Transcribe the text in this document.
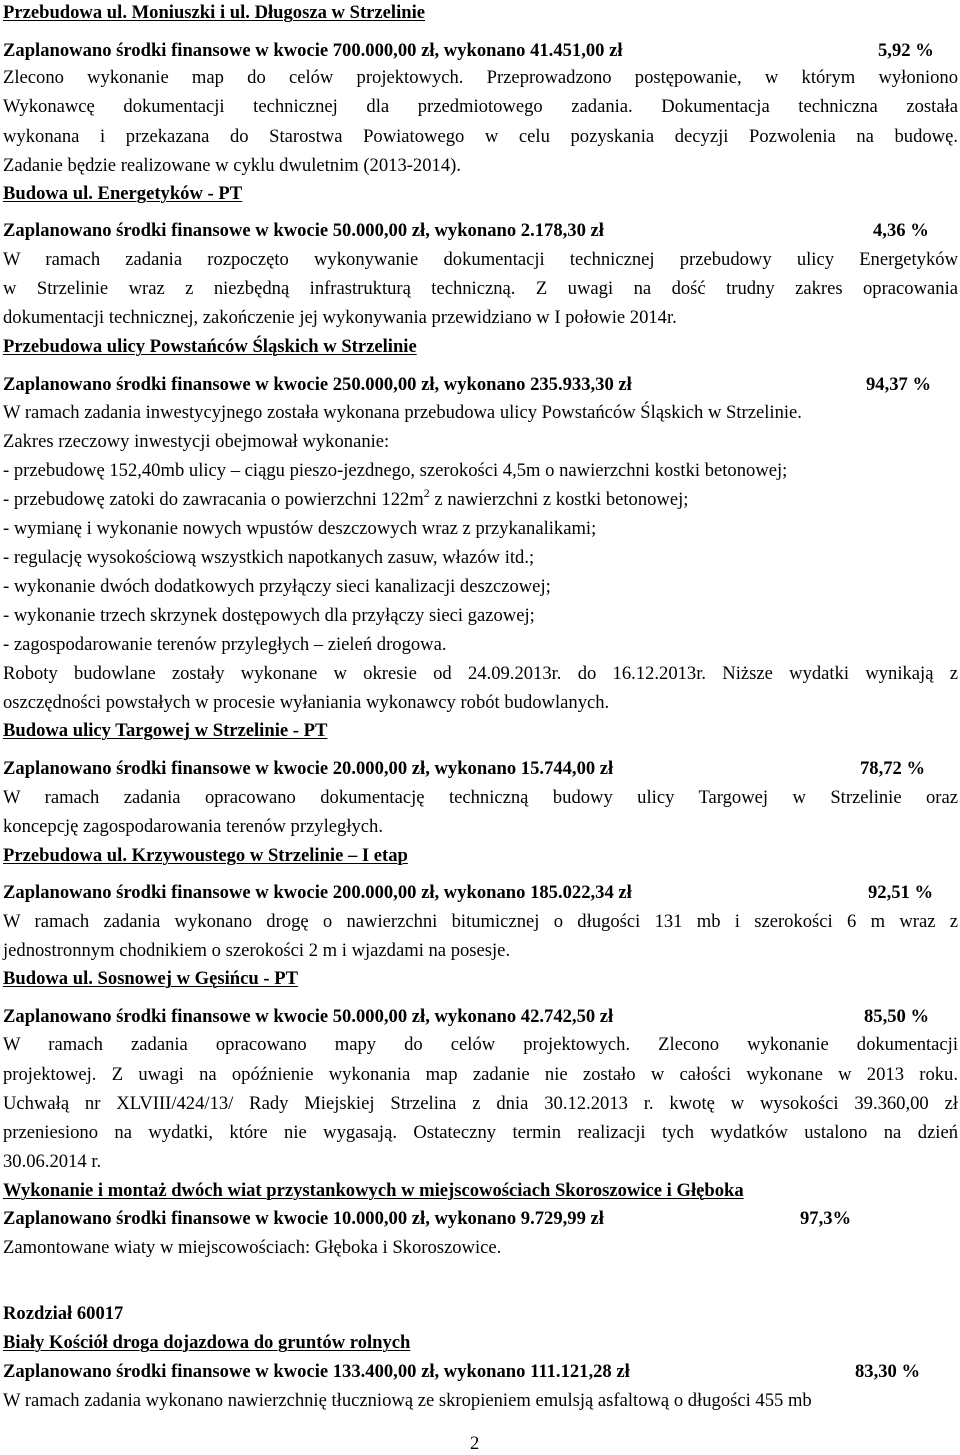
Przebudowa ul. Moniuszki i ul. Długosza w Strzelinie
Zaplanowano środki finansowe w kwocie 700.000,00 zł, wykonano 41.451,00 zł	5,92 %
Zlecono wykonanie map do celów projektowych. Przeprowadzono postępowanie, w którym wyłoniono
Wykonawcę dokumentacji technicznej dla przedmiotowego zadania. Dokumentacja techniczna została
wykonana i przekazana do Starostwa Powiatowego w celu pozyskania decyzji Pozwolenia na budowę.
Zadanie będzie realizowane w cyklu dwuletnim (2013-2014).
Budowa ul. Energetyków - PT
Zaplanowano środki finansowe w kwocie 50.000,00 zł, wykonano 2.178,30 zł	4,36 %
W ramach zadania rozpoczęto wykonywanie dokumentacji technicznej przebudowy ulicy Energetyków
w Strzelinie wraz z niezbędną infrastrukturą techniczną. Z uwagi na dość trudny zakres opracowania
dokumentacji technicznej, zakończenie jej wykonywania przewidziano w I połowie 2014r.
Przebudowa ulicy Powstańców Śląskich w Strzelinie
Zaplanowano środki finansowe w kwocie 250.000,00 zł, wykonano 235.933,30 zł	94,37 %
W ramach zadania inwestycyjnego została wykonana przebudowa ulicy Powstańców Śląskich w Strzelinie.
Zakres rzeczowy inwestycji obejmował wykonanie:
- przebudowę 152,40mb ulicy – ciągu pieszo-jezdnego, szerokości 4,5m o nawierzchni kostki betonowej;
- przebudowę zatoki do zawracania o powierzchni $122m^2$ z nawierzchni z kostki betonowej;
- wymianę i wykonanie nowych wpustów deszczowych wraz z przykanalikami;
- regulację wysokościową wszystkich napotkanych zasuw, włazów itd.;
- wykonanie dwóch dodatkowych przyłączy sieci kanalizacji deszczowej;
- wykonanie trzech skrzynek dostępowych dla przyłączy sieci gazowej;
- zagospodarowanie terenów przyległych – zieleń drogowa.
Roboty budowlane zostały wykonane w okresie od 24.09.2013r. do 16.12.2013r. Niższe wydatki wynikają z
oszczędności powstałych w procesie wyłaniania wykonawcy robót budowlanych.
Budowa ulicy Targowej w Strzelinie - PT
Zaplanowano środki finansowe w kwocie 20.000,00 zł, wykonano 15.744,00 zł	78,72 %
W ramach zadania opracowano dokumentację techniczną budowy ulicy Targowej w Strzelinie oraz
koncepcję zagospodarowania terenów przyległych.
Przebudowa ul. Krzywoustego w Strzelinie – I etap
Zaplanowano środki finansowe w kwocie 200.000,00 zł, wykonano 185.022,34 zł	92,51 %
W ramach zadania wykonano drogę o nawierzchni bitumicznej o długości 131 mb i szerokości 6 m wraz z
jednostronnym chodnikiem o szerokości 2 m i wjazdami na posesje.
Budowa ul. Sosnowej w Gęsińcu - PT
Zaplanowano środki finansowe w kwocie 50.000,00 zł, wykonano 42.742,50 zł	85,50 %
W ramach zadania opracowano mapy do celów projektowych. Zlecono wykonanie dokumentacji
projektowej. Z uwagi na opóźnienie wykonania map zadanie nie zostało w całości wykonane w 2013 roku.
Uchwałą nr XLVIII/424/13/ Rady Miejskiej Strzelina z dnia 30.12.2013 r. kwotę w wysokości 39.360,00 zł
przeniesiono na wydatki, które nie wygasają. Ostateczny termin realizacji tych wydatków ustalono na dzień
30.06.2014 r.
Wykonanie i montaż dwóch wiat przystankowych w miejscowościach Skoroszowice i Głęboka
Zaplanowano środki finansowe w kwocie 10.000,00 zł, wykonano 9.729,99 zł	97,3%
Zamontowane wiaty w miejscowościach: Głęboka i Skoroszowice.
Rozdział 60017
Biały Kościół droga dojazdowa do gruntów rolnych
Zaplanowano środki finansowe w kwocie 133.400,00 zł, wykonano 111.121,28 zł	83,30 %
W ramach zadania wykonano nawierzchnię tłuczniową ze skropieniem emulsją asfaltową o długości 455 mb
2
